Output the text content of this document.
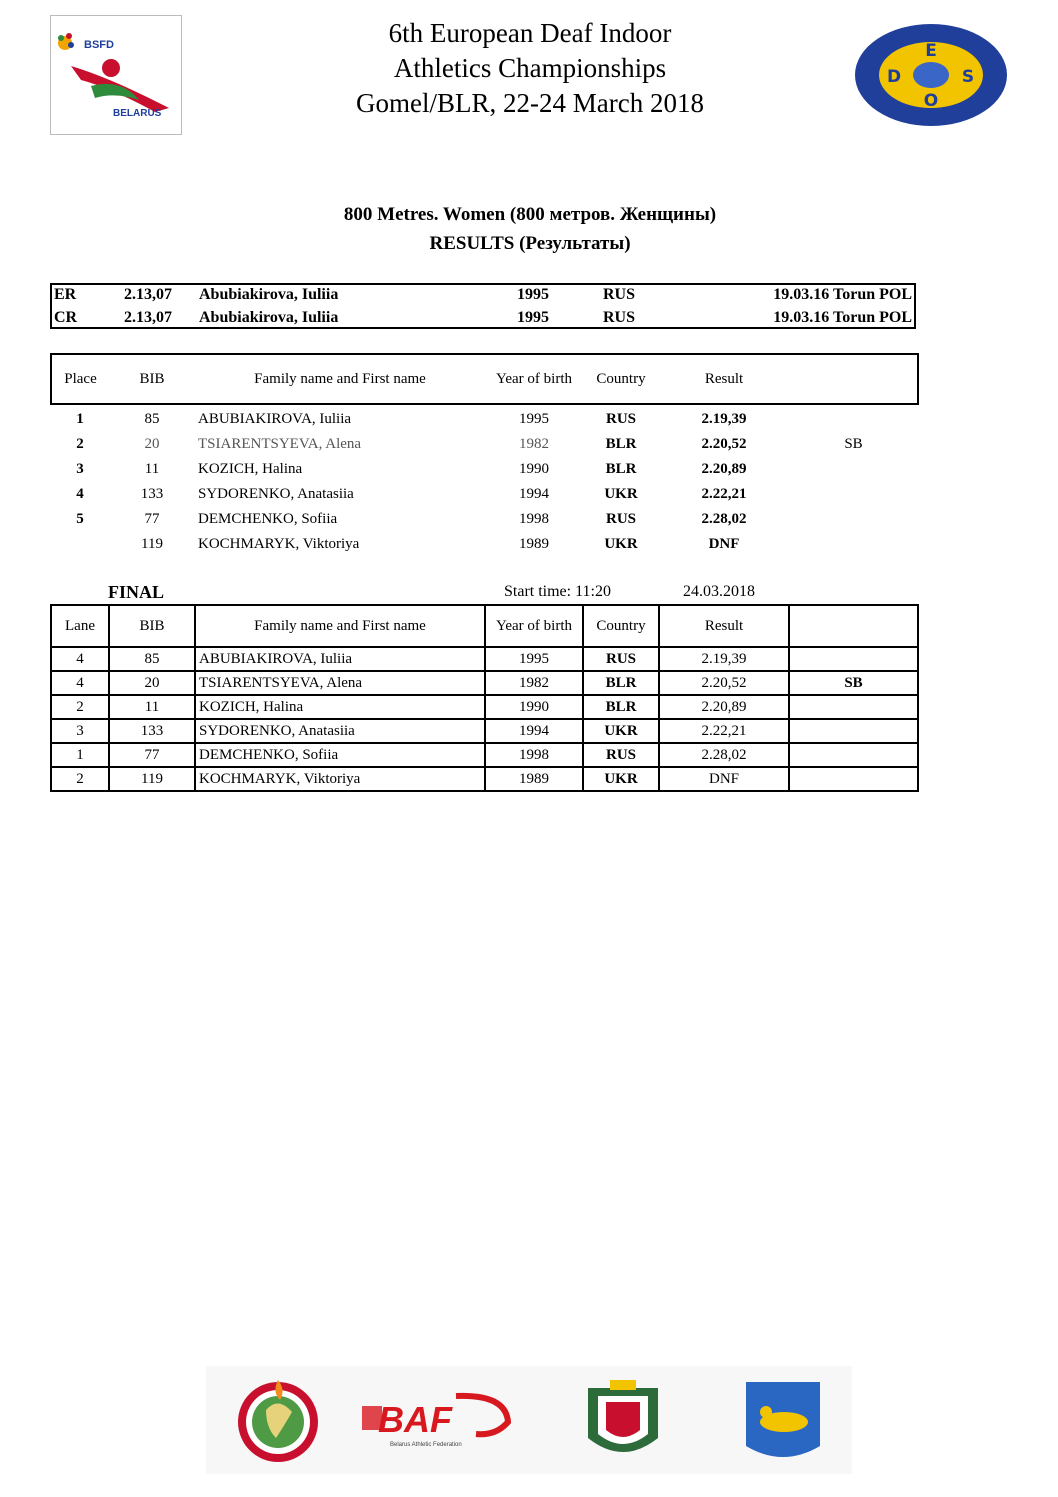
BSFD
BELARUS
6th European Deaf Indoor
Athletics Championships
Gomel/BLR, 22-24 March 2018
E
D	S
O
800 Metres. Women (800 метров. Женщины)
RESULTS (Результаты)
ER	2.13,07 Abubiakirova, Iuliia	1995	RUS	19.03.16 Torun POL
CR	2.13,07 Abubiakirova, Iuliia	1995	RUS	19.03.16 Torun POL
Place	BIB	Family name and First name	Year of birth	Country	Result	

1	85	ABUBIAKIROVA, Iuliia	1995	RUS	2.19,39	
2	20	TSIARENTSYEVA, Alena	1982	BLR	2.20,52	SB
3	11	KOZICH, Halina	1990	BLR	2.20,89	
4	133	SYDORENKO, Anatasiia	1994	UKR	2.22,21	
5	77	DEMCHENKO, Sofiia	1998	RUS	2.28,02	
	119	KOCHMARYK, Viktoriya	1989	UKR	DNF	
FINAL	Start time: 11:20	24.03.2018
Lane	BIB	Family name and First name	Year of birth	Country	Result	
4	85	ABUBIAKIROVA, Iuliia	1995	RUS	2.19,39	
4	20	TSIARENTSYEVA, Alena	1982	BLR	2.20,52	SB
2	11	KOZICH, Halina	1990	BLR	2.20,89	
3	133	SYDORENKO, Anatasiia	1994	UKR	2.22,21	
1	77	DEMCHENKO, Sofiia	1998	RUS	2.28,02	
2	119	KOCHMARYK, Viktoriya	1989	UKR	DNF	
BAF
Belarus Athletic Federation
